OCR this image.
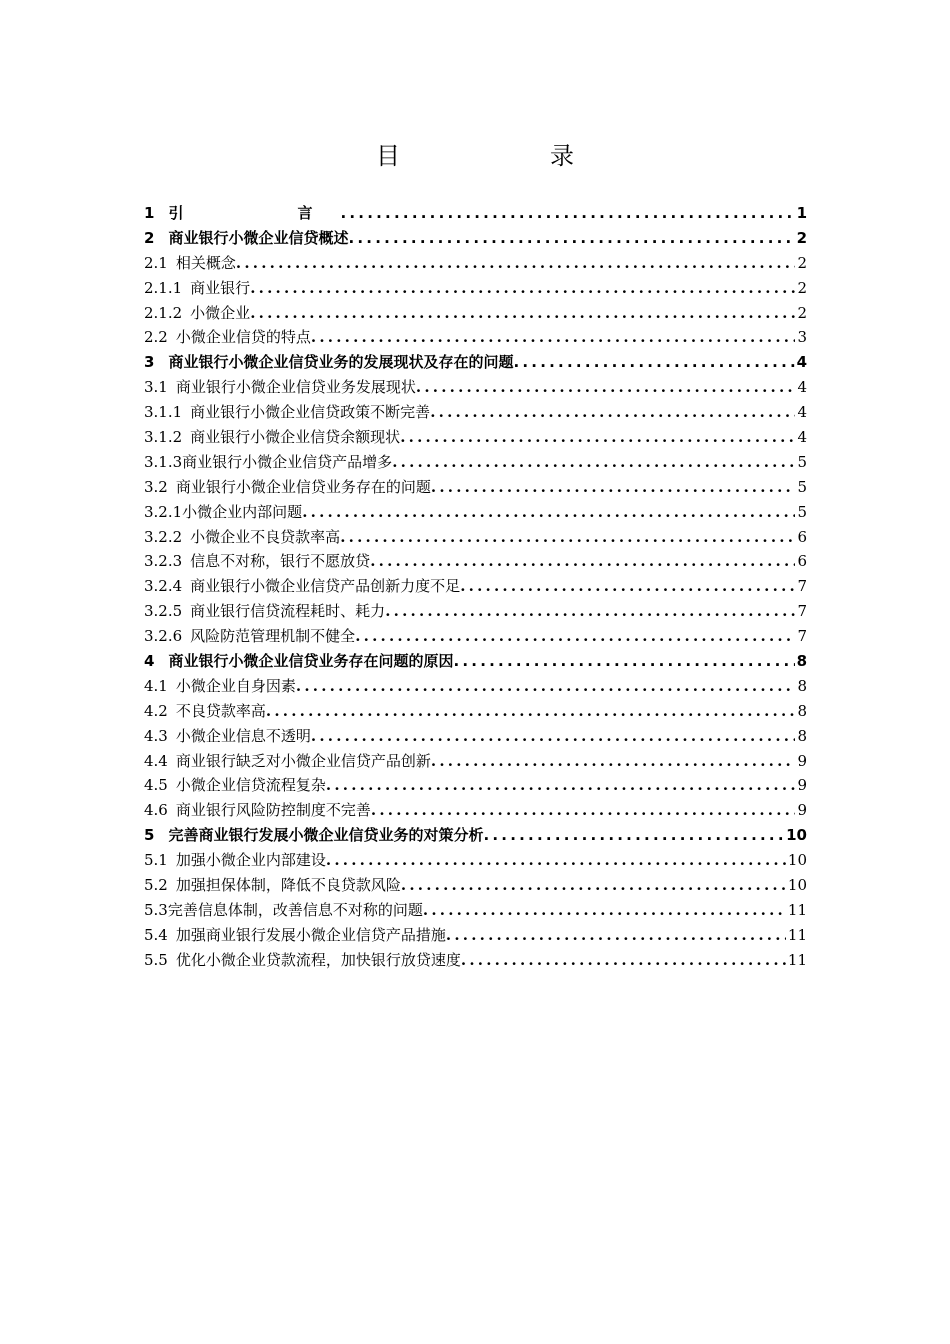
目　　录
1 引　　言 . . .	1
2 商业银行小微企业信贷概述 . . .	2
2.1 相关概念 . . .	2
2.1.1 商业银行 . . .	2
2.1.2 小微企业 . . .	2
2.2 小微企业信贷的特点 . . .	3
3 商业银行小微企业信贷业务的发展现状及存在的问题 . . .	4
3.1 商业银行小微企业信贷业务发展现状 . . .	4
3.1.1 商业银行小微企业信贷政策不断完善 . . .	4
3.1.2 商业银行小微企业信贷余额现状 . . .	4
3.1.3 商业银行小微企业信贷产品增多 . . .	5
3.2 商业银行小微企业信贷业务存在的问题 . . .	5
3.2.1 小微企业内部问题 . . .	5
3.2.2 小微企业不良贷款率高 . . .	6
3.2.3 信息不对称，银行不愿放贷 . . .	6
3.2.4 商业银行小微企业信贷产品创新力度不足 . . .	7
3.2.5 商业银行信贷流程耗时、耗力 . . .	7
3.2.6 风险防范管理机制不健全 . . .	7
4 商业银行小微企业信贷业务存在问题的原因 . . .	8
4.1 小微企业自身因素 . . .	8
4.2 不良贷款率高 . . .	8
4.3 小微企业信息不透明 . . .	8
4.4 商业银行缺乏对小微企业信贷产品创新 . . .	9
4.5 小微企业信贷流程复杂 . . .	9
4.6 商业银行风险防控制度不完善 . . .	9
5 完善商业银行发展小微企业信贷业务的对策分析 . . .	10
5.1 加强小微企业内部建设 . . .	10
5.2 加强担保体制，降低不良贷款风险 . . .	10
5.3 完善信息体制，改善信息不对称的问题 . . .	11
5.4 加强商业银行发展小微企业信贷产品措施 . . .	11
5.5 优化小微企业贷款流程，加快银行放贷速度 . . .	11
